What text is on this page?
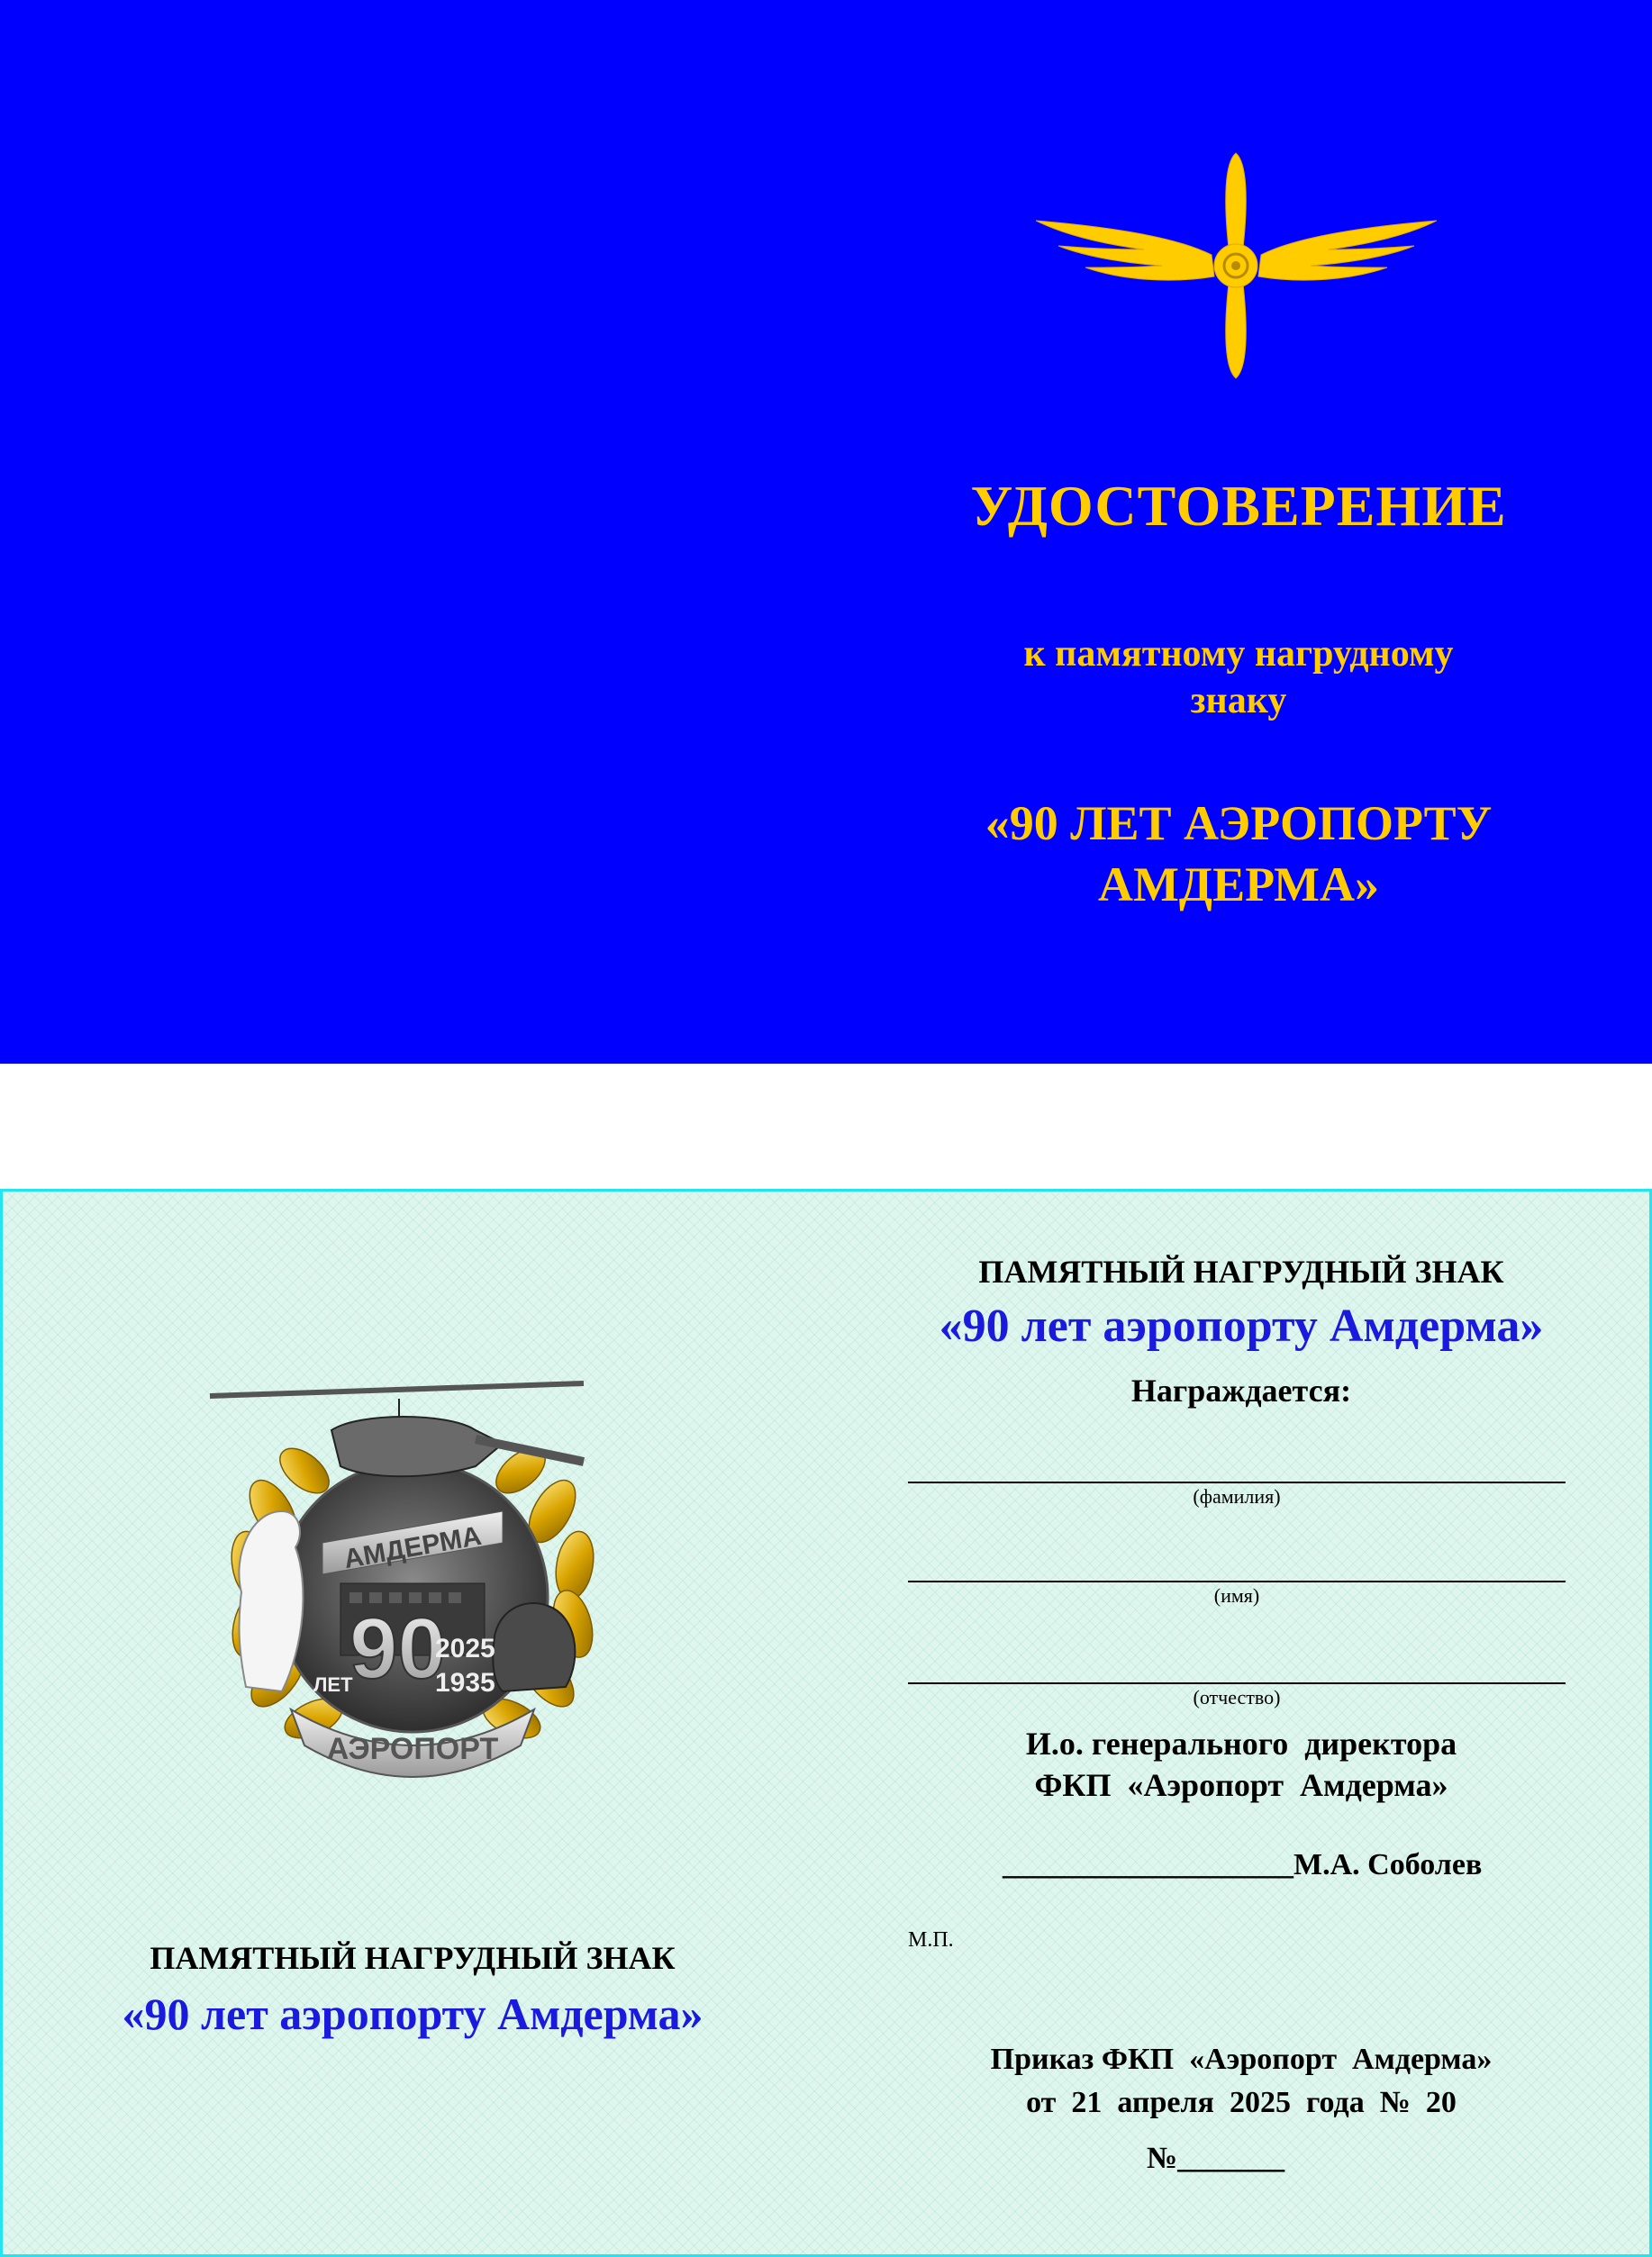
УДОСТОВЕРЕНИЕ
к памятному нагрудному
знаку
«90 ЛЕТ АЭРОПОРТУ
АМДЕРМА»
АМДЕРМА
90
2025
ЛЕТ	1935
АЭРОПОРТ
ПАМЯТНЫЙ НАГРУДНЫЙ ЗНАК
«90 лет аэропорту Амдерма»
ПАМЯТНЫЙ НАГРУДНЫЙ ЗНАК
«90 лет аэропорту Амдерма»
Награждается:
(фамилия)
(имя)
(отчество)
И.о. генерального  директора
ФКП  «Аэропорт  Амдерма»
___________________М.А. Соболев
М.П.
Приказ ФКП  «Аэропорт  Амдерма»
от  21  апреля  2025  года  №  20
№_______
